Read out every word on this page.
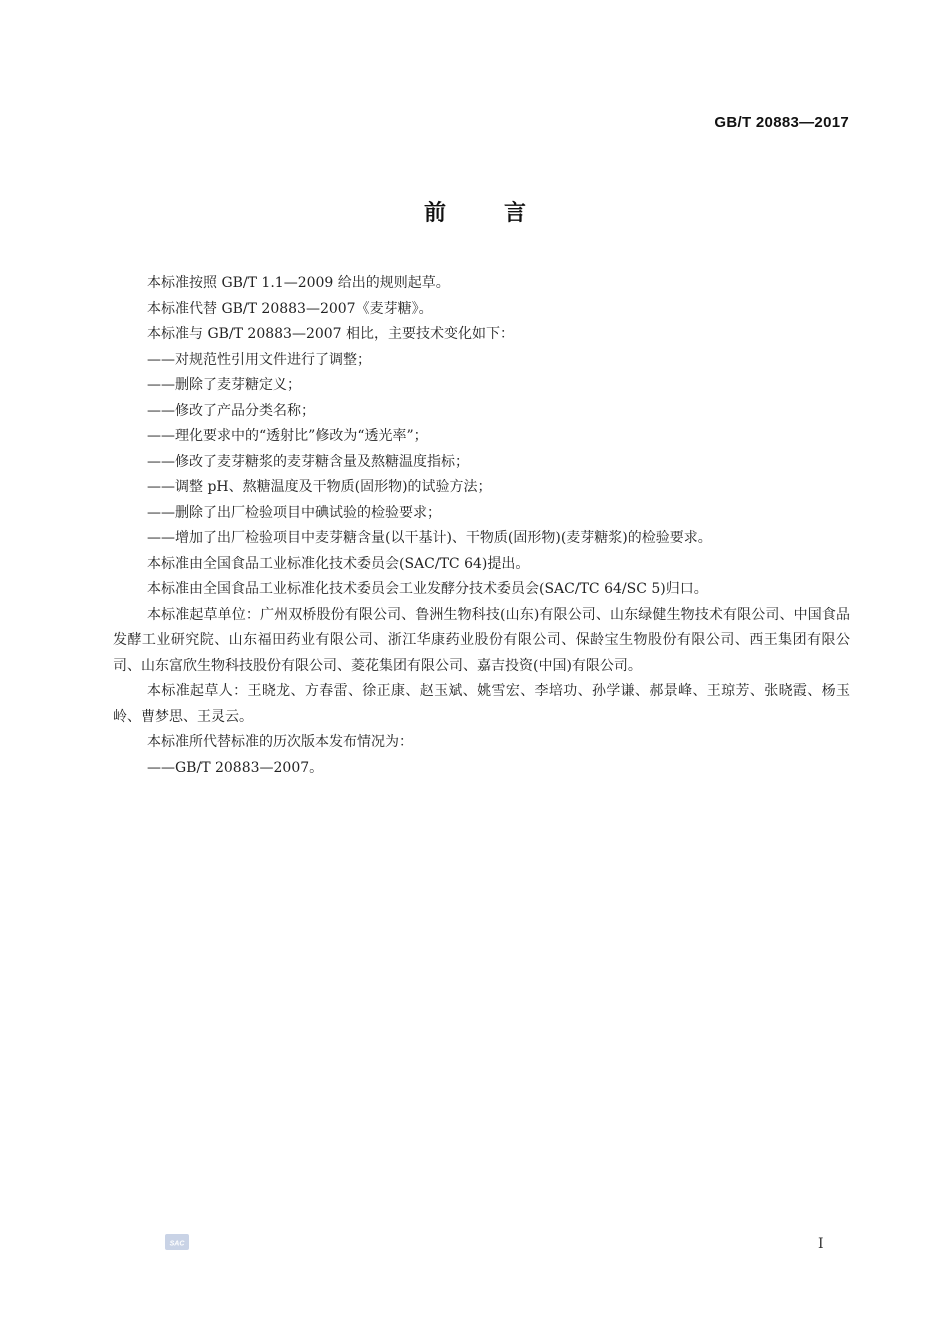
GB/T 20883—2017
前言

本标准按照 GB/T 1.1—2009 给出的规则起草。

本标准代替 GB/T 20883—2007《麦芽糖》。

本标准与 GB/T 20883—2007 相比，主要技术变化如下：

——对规范性引用文件进行了调整；

——删除了麦芽糖定义；

——修改了产品分类名称；

——理化要求中的“透射比”修改为“透光率”；

——修改了麦芽糖浆的麦芽糖含量及熬糖温度指标；

——调整 pH、熬糖温度及干物质(固形物)的试验方法；

——删除了出厂检验项目中碘试验的检验要求；

——增加了出厂检验项目中麦芽糖含量(以干基计)、干物质(固形物)(麦芽糖浆)的检验要求。

本标准由全国食品工业标准化技术委员会(SAC/TC 64)提出。

本标准由全国食品工业标准化技术委员会工业发酵分技术委员会(SAC/TC 64/SC 5)归口。

本标准起草单位：广州双桥股份有限公司、鲁洲生物科技(山东)有限公司、山东绿健生物技术有限公司、中国食品发酵工业研究院、山东福田药业有限公司、浙江华康药业股份有限公司、保龄宝生物股份有限公司、西王集团有限公司、山东富欣生物科技股份有限公司、菱花集团有限公司、嘉吉投资(中国)有限公司。

本标准起草人：王晓龙、方春雷、徐正康、赵玉斌、姚雪宏、李培功、孙学谦、郝景峰、王琼芳、张晓霞、杨玉岭、曹梦思、王灵云。

本标准所代替标准的历次版本发布情况为：

——GB/T 20883—2007。

SAC	I
